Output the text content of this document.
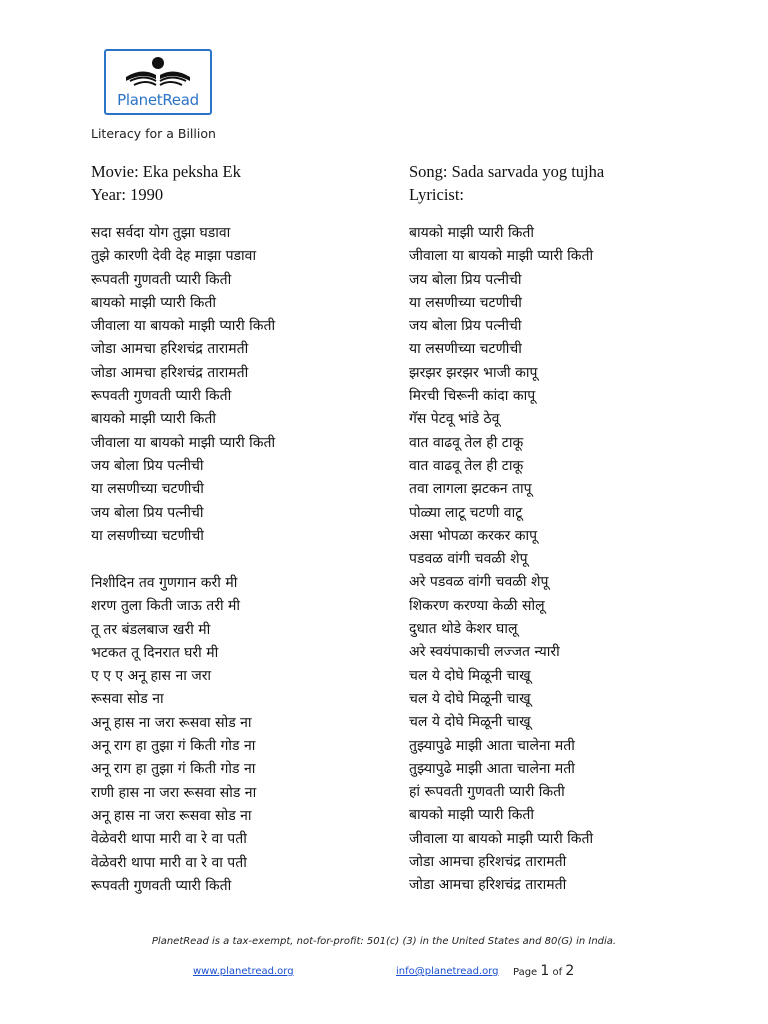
PlanetRead
Literacy for a Billion
Movie: Eka peksha Ek
Year: 1990
Song: Sada sarvada yog tujha
Lyricist:
सदा सर्वदा योग तुझा घडावा
तुझे कारणी देवी देह माझा पडावा
रूपवती गुणवती प्यारी किती
बायको माझी प्यारी किती
जीवाला या बायको माझी प्यारी किती
जोडा आमचा हरिशचंद्र तारामती
जोडा आमचा हरिशचंद्र तारामती
रूपवती गुणवती प्यारी किती
बायको माझी प्यारी किती
जीवाला या बायको माझी प्यारी किती
जय बोला प्रिय पत्नीची
या लसणीच्या चटणीची
जय बोला प्रिय पत्नीची
या लसणीच्या चटणीची
निशीदिन तव गुणगान करी मी
शरण तुला किती जाऊ तरी मी
तू तर बंडलबाज खरी मी
भटकत तू दिनरात घरी मी
ए ए ए अनू हास ना जरा
रूसवा सोड ना
अनू हास ना जरा रूसवा सोड ना
अनू राग हा तुझा गं किती गोड ना
अनू राग हा तुझा गं किती गोड ना
राणी हास ना जरा रूसवा सोड ना
अनू हास ना जरा रूसवा सोड ना
वेळेवरी थापा मारी वा रे वा पती
वेळेवरी थापा मारी वा रे वा पती
रूपवती गुणवती प्यारी किती
बायको माझी प्यारी किती
जीवाला या बायको माझी प्यारी किती
जय बोला प्रिय पत्नीची
या लसणीच्या चटणीची
जय बोला प्रिय पत्नीची
या लसणीच्या चटणीची
झरझर झरझर भाजी कापू
मिरची चिरूनी कांदा कापू
गॅस पेटवू भांडे ठेवू
वात वाढवू तेल ही टाकू
वात वाढवू तेल ही टाकू
तवा लागला झटकन तापू
पोळ्या लाटू चटणी वाटू
असा भोपळा करकर कापू
पडवळ वांगी चवळी शेपू
अरे पडवळ वांगी चवळी शेपू
शिकरण करण्या केळी सोलू
दुधात थोडे केशर घालू
अरे स्वयंपाकाची लज्जत न्यारी
चल ये दोघे मिळूनी चाखू
चल ये दोघे मिळूनी चाखू
चल ये दोघे मिळूनी चाखू
तुझ्यापुढे माझी आता चालेना मती
तुझ्यापुढे माझी आता चालेना मती
हां रूपवती गुणवती प्यारी किती
बायको माझी प्यारी किती
जीवाला या बायको माझी प्यारी किती
जोडा आमचा हरिशचंद्र तारामती
जोडा आमचा हरिशचंद्र तारामती
PlanetRead is a tax-exempt, not-for-profit: 501(c) (3) in the United States and 80(G) in India.
www.planetread.org	info@planetread.org Page 1 of 2
